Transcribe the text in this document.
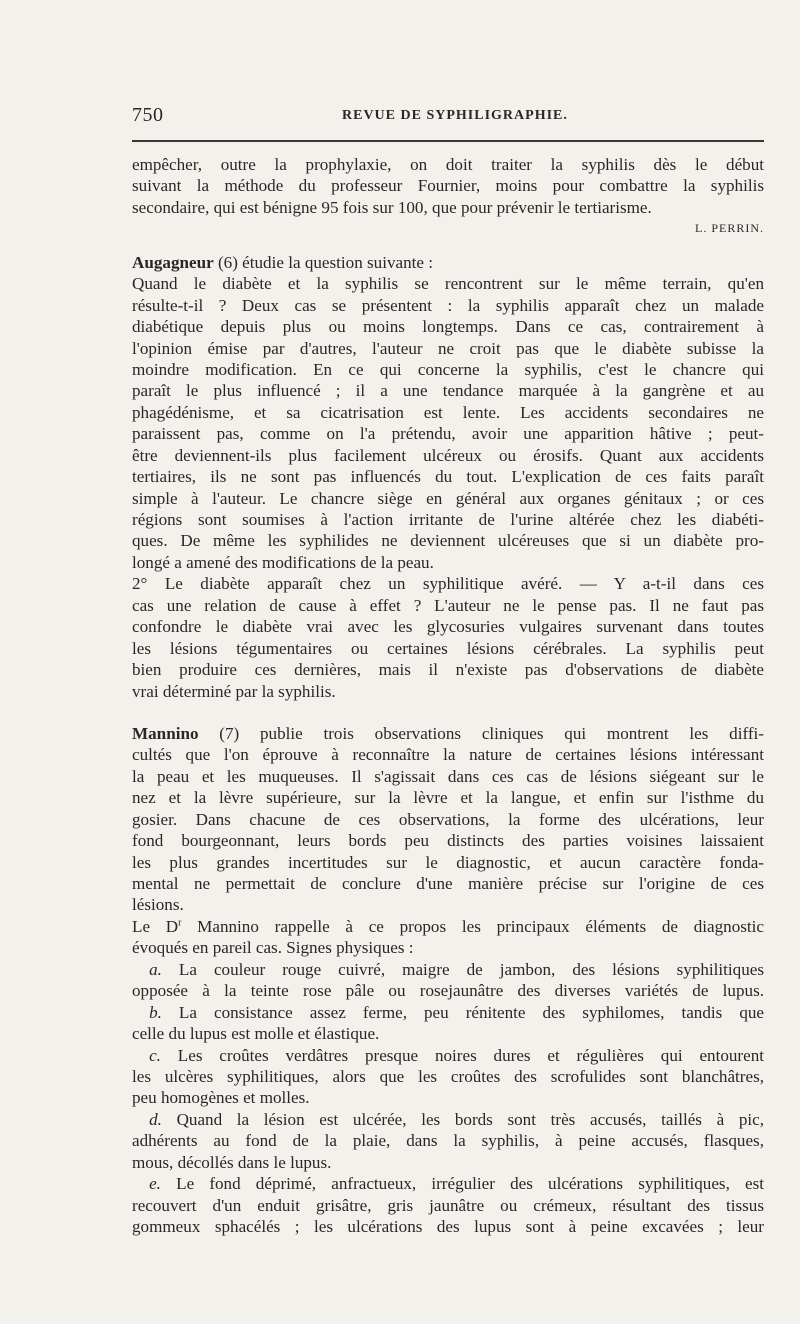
750	REVUE DE SYPHILIGRAPHIE.
empêcher, outre la prophylaxie, on doit traiter la syphilis dès le début
suivant la méthode du professeur Fournier, moins pour combattre la syphilis
secondaire, qui est bénigne 95 fois sur 100, que pour prévenir le tertiarisme.
L. PERRIN.
Augagneur (6) étudie la question suivante :
Quand le diabète et la syphilis se rencontrent sur le même terrain, qu'en
résulte-t-il ? Deux cas se présentent : la syphilis apparaît chez un malade
diabétique depuis plus ou moins longtemps. Dans ce cas, contrairement à
l'opinion émise par d'autres, l'auteur ne croit pas que le diabète subisse la
moindre modification. En ce qui concerne la syphilis, c'est le chancre qui
paraît le plus influencé ; il a une tendance marquée à la gangrène et au
phagédénisme, et sa cicatrisation est lente. Les accidents secondaires ne
paraissent pas, comme on l'a prétendu, avoir une apparition hâtive ; peut-
être deviennent-ils plus facilement ulcéreux ou érosifs. Quant aux accidents
tertiaires, ils ne sont pas influencés du tout. L'explication de ces faits paraît
simple à l'auteur. Le chancre siège en général aux organes génitaux ; or ces
régions sont soumises à l'action irritante de l'urine altérée chez les diabéti-
ques. De même les syphilides ne deviennent ulcéreuses que si un diabète pro-
longé a amené des modifications de la peau.
2° Le diabète apparaît chez un syphilitique avéré. — Y a-t-il dans ces
cas une relation de cause à effet ? L'auteur ne le pense pas. Il ne faut pas
confondre le diabète vrai avec les glycosuries vulgaires survenant dans toutes
les lésions tégumentaires ou certaines lésions cérébrales. La syphilis peut
bien produire ces dernières, mais il n'existe pas d'observations de diabète
vrai déterminé par la syphilis.
Mannino (7) publie trois observations cliniques qui montrent les diffi-
cultés que l'on éprouve à reconnaître la nature de certaines lésions intéressant
la peau et les muqueuses. Il s'agissait dans ces cas de lésions siégeant sur le
nez et la lèvre supérieure, sur la lèvre et la langue, et enfin sur l'isthme du
gosier. Dans chacune de ces observations, la forme des ulcérations, leur
fond bourgeonnant, leurs bords peu distincts des parties voisines laissaient
les plus grandes incertitudes sur le diagnostic, et aucun caractère fonda-
mental ne permettait de conclure d'une manière précise sur l'origine de ces
lésions.
Le $D^r$ Mannino rappelle à ce propos les principaux éléments de diagnostic
évoqués en pareil cas. Signes physiques :
 a. La couleur rouge cuivré, maigre de jambon, des lésions syphilitiques
opposée à la teinte rose pâle ou rosejaunâtre des diverses variétés de lupus.
 b. La consistance assez ferme, peu rénitente des syphilomes, tandis que
celle du lupus est molle et élastique.
 c. Les croûtes verdâtres presque noires dures et régulières qui entourent
les ulcères syphilitiques, alors que les croûtes des scrofulides sont blanchâtres,
peu homogènes et molles.
 d. Quand la lésion est ulcérée, les bords sont très accusés, taillés à pic,
adhérents au fond de la plaie, dans la syphilis, à peine accusés, flasques,
mous, décollés dans le lupus.
 e. Le fond déprimé, anfractueux, irrégulier des ulcérations syphilitiques, est
recouvert d'un enduit grisâtre, gris jaunâtre ou crémeux, résultant des tissus
gommeux sphacélés ; les ulcérations des lupus sont à peine excavées ; leur
